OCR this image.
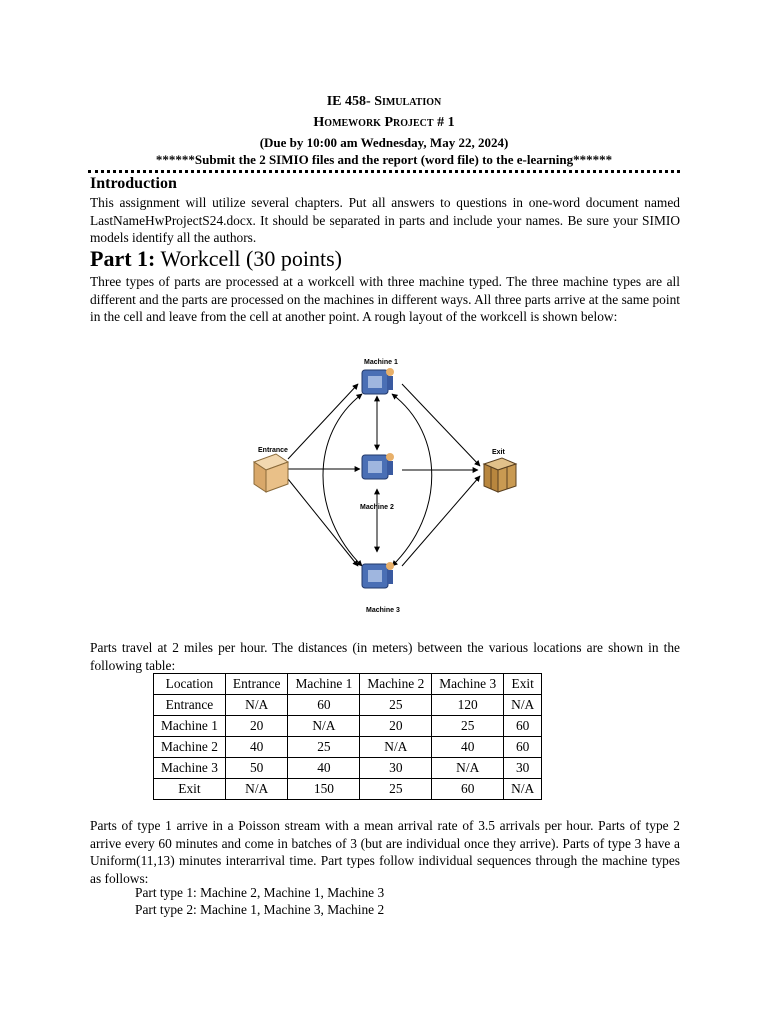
IE 458- Simulation
Homework Project # 1
(Due by 10:00 am Wednesday, May 22, 2024)
******Submit the 2 SIMIO files and the report (word file) to the e-learning******
Introduction
This assignment will utilize several chapters. Put all answers to questions in one-word document named LastNameHwProjectS24.docx. It should be separated in parts and include your names. Be sure your SIMIO models identify all the authors.
Part 1: Workcell (30 points)
Three types of parts are processed at a workcell with three machine typed. The three machine types are all different and the parts are processed on the machines in different ways. All three parts arrive at the same point in the cell and leave from the cell at another point. A rough layout of the workcell is shown below:
Machine 1
Machine 2
Machine 3
Entrance	Exit
Parts travel at 2 miles per hour. The distances (in meters) between the various locations are shown in the following table:
Location	Entrance	Machine 1	Machine 2	Machine 3	Exit
Entrance	N/A	60	25	120	N/A
Machine 1	20	N/A	20	25	60
Machine 2	40	25	N/A	40	60
Machine 3	50	40	30	N/A	30
Exit	N/A	150	25	60	N/A
Parts of type 1 arrive in a Poisson stream with a mean arrival rate of 3.5 arrivals per hour. Parts of type 2 arrive every 60 minutes and come in batches of 3 (but are individual once they arrive). Parts of type 3 have a Uniform(11,13) minutes interarrival time. Part types follow individual sequences through the machine types as follows:
Part type 1: Machine 2, Machine 1, Machine 3
Part type 2: Machine 1, Machine 3, Machine 2
